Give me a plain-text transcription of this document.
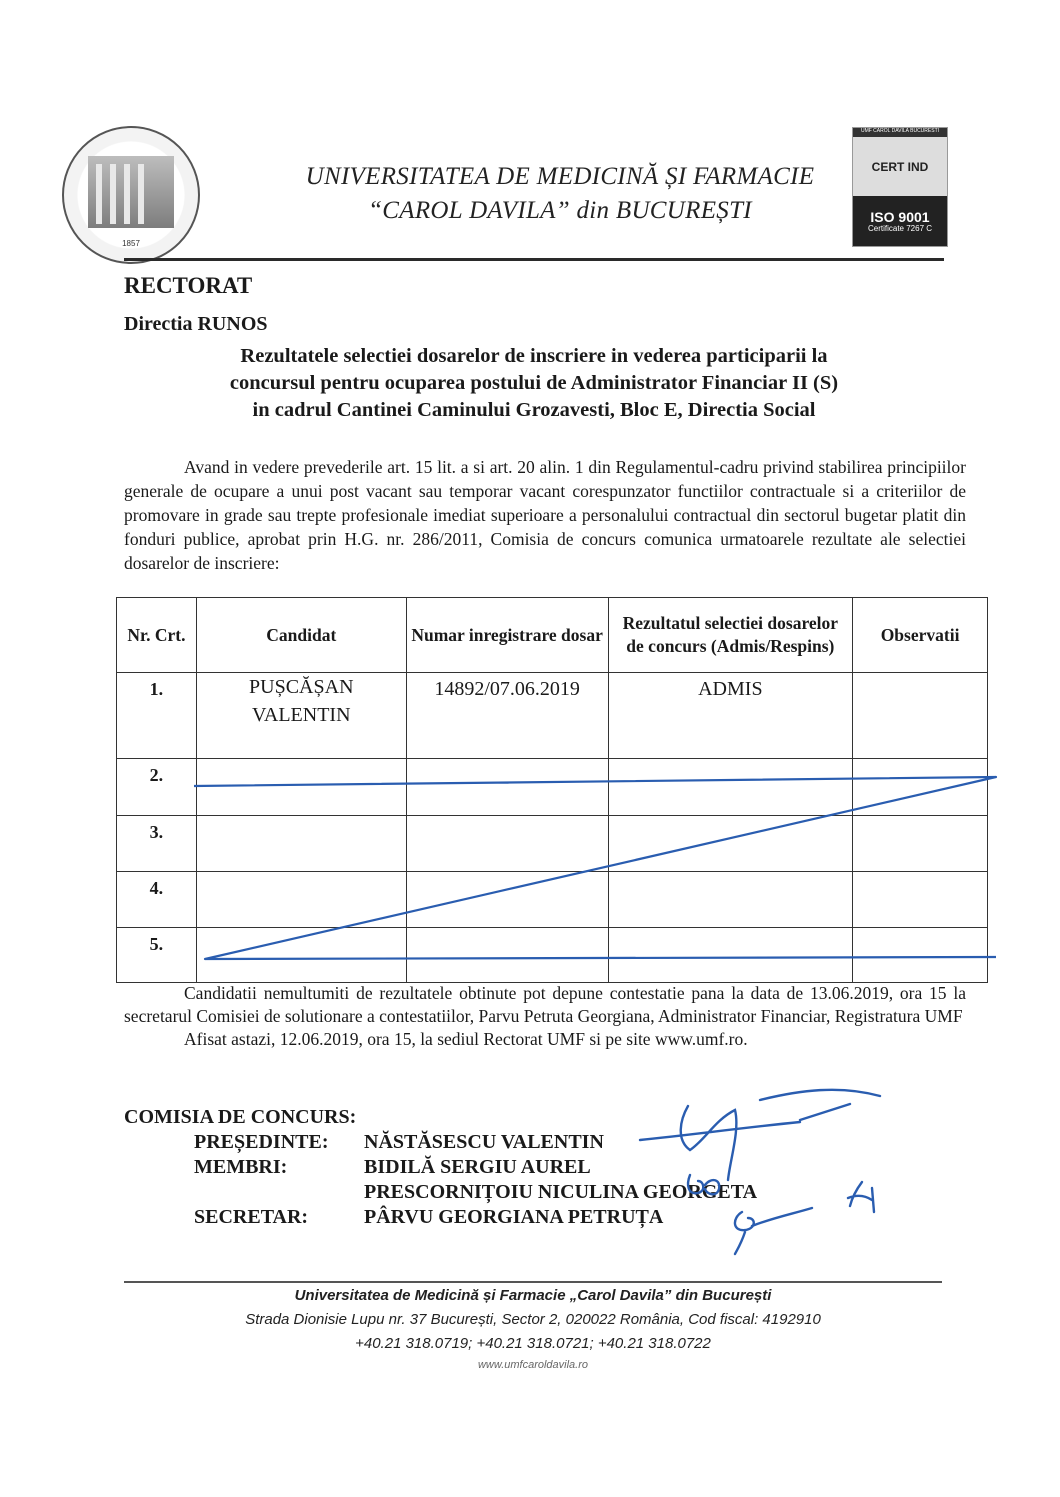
1857
UNIVERSITATEA DE MEDICINĂ ȘI FARMACIE
“CAROL DAVILA” din BUCUREȘTI
UMF CAROL DAVILA BUCURESTI
CERT IND
ISO 9001
Certificate 7267 C
RECTORAT
Directia RUNOS
Rezultatele selectiei dosarelor de inscriere in vederea participarii la
concursul pentru ocuparea postului de Administrator Financiar II (S)
in cadrul Cantinei Caminului Grozavesti, Bloc E, Directia Social
Avand in vedere prevederile art. 15 lit. a si art. 20 alin. 1 din Regulamentul-cadru privind stabilirea principiilor generale de ocupare a unui post vacant sau temporar vacant corespunzator functiilor contractuale si a criteriilor de promovare in grade sau trepte profesionale imediat superioare a personalului contractual din sectorul bugetar platit din fonduri publice, aprobat prin H.G. nr. 286/2011, Comisia de concurs comunica urmatoarele rezultate ale selectiei dosarelor de inscriere:
Nr. Crt.	Candidat	Numar inregistrare dosar	Rezultatul selectiei dosarelor de concurs (Admis/Respins)	Observatii
1.	PUȘCĂȘAN VALENTIN	14892/07.06.2019	ADMIS	
2.				
3.				
4.				
5.				
Candidatii nemultumiti de rezultatele obtinute pot depune contestatie pana la data de 13.06.2019, ora 15 la secretarul Comisiei de solutionare a contestatiilor, Parvu Petruta Georgiana, Administrator Financiar, Registratura UMF
Afisat astazi, 12.06.2019, ora 15, la sediul Rectorat UMF si pe site www.umf.ro.
COMISIA DE CONCURS:
PREȘEDINTE:	NĂSTĂSESCU VALENTIN
MEMBRI:	BIDILĂ SERGIU AUREL
PRESCORNIȚOIU NICULINA GEORGETA
SECRETAR:	PÂRVU GEORGIANA PETRUȚA
Universitatea de Medicină și Farmacie „Carol Davila” din București
Strada Dionisie Lupu nr. 37 București, Sector 2, 020022 România, Cod fiscal: 4192910
+40.21 318.0719; +40.21 318.0721; +40.21 318.0722
www.umfcaroldavila.ro
